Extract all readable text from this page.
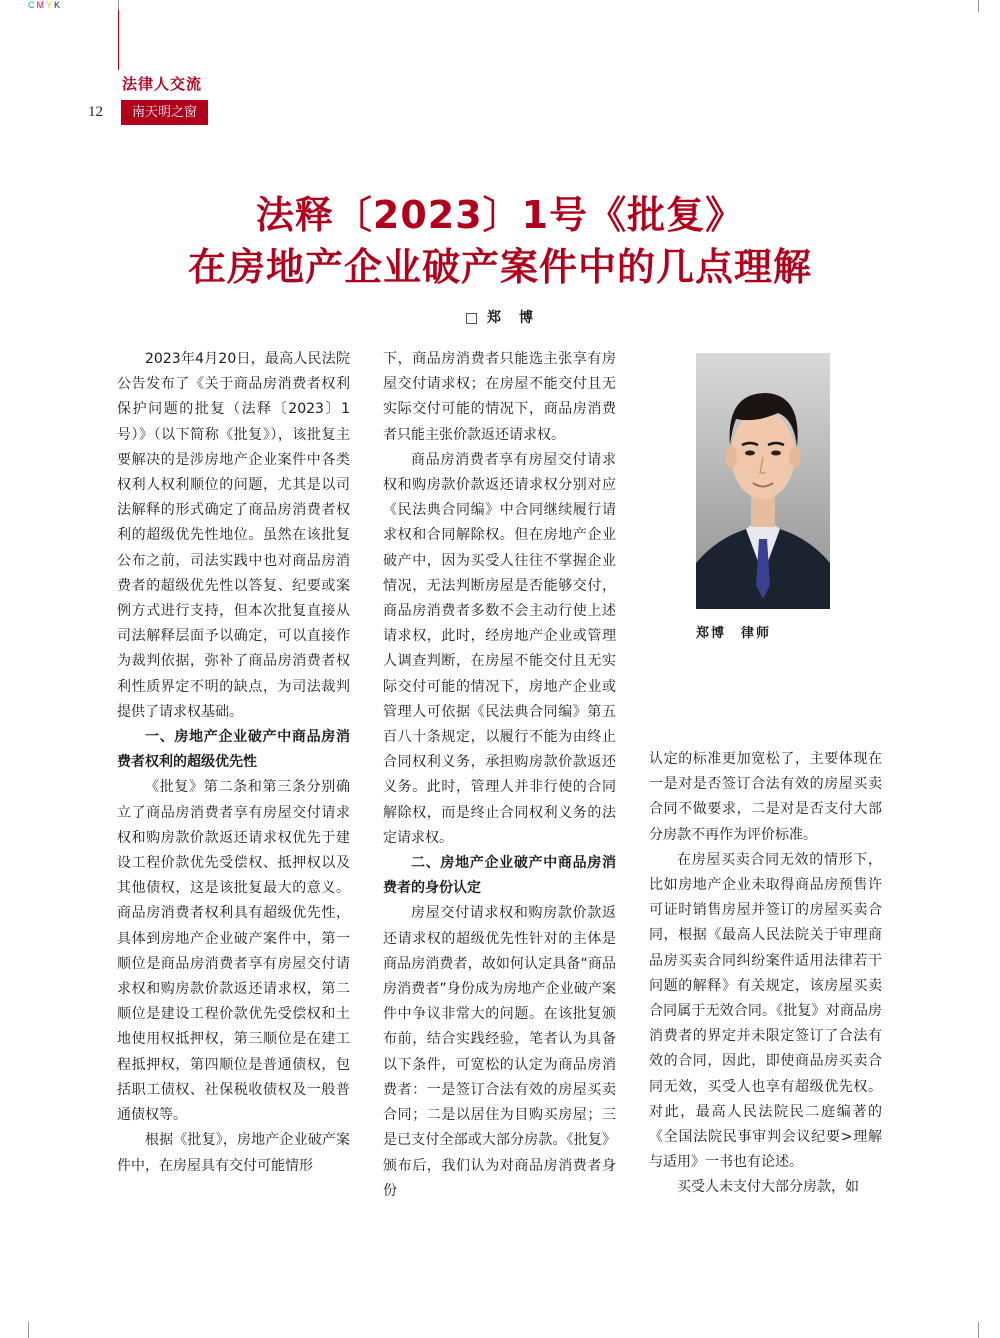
CMYK
法律人交流
12	南天明之窗
法释〔2023〕1号《批复》
在房地产企业破产案件中的几点理解
□ 郑　博

2023年4月20日，最高人民法院公告发布了《关于商品房消费者权利保护问题的批复（法释〔2023〕1号）》（以下简称《批复》），该批复主要解决的是涉房地产企业案件中各类权利人权利顺位的问题，尤其是以司法解释的形式确定了商品房消费者权利的超级优先性地位。虽然在该批复公布之前，司法实践中也对商品房消费者的超级优先性以答复、纪要或案例方式进行支持，但本次批复直接从司法解释层面予以确定，可以直接作为裁判依据，弥补了商品房消费者权利性质界定不明的缺点，为司法裁判提供了请求权基础。

一、房地产企业破产中商品房消费者权利的超级优先性

《批复》第二条和第三条分别确立了商品房消费者享有房屋交付请求权和购房款价款返还请求权优先于建设工程价款优先受偿权、抵押权以及其他债权，这是该批复最大的意义。商品房消费者权利具有超级优先性，具体到房地产企业破产案件中，第一顺位是商品房消费者享有房屋交付请求权和购房款价款返还请求权，第二顺位是建设工程价款优先受偿权和土地使用权抵押权，第三顺位是在建工程抵押权，第四顺位是普通债权，包括职工债权、社保税收债权及一般普通债权等。

根据《批复》，房地产企业破产案件中，在房屋具有交付可能情形

下，商品房消费者只能选主张享有房屋交付请求权；在房屋不能交付且无实际交付可能的情况下，商品房消费者只能主张价款返还请求权。

商品房消费者享有房屋交付请求权和购房款价款返还请求权分别对应《民法典合同编》中合同继续履行请求权和合同解除权。但在房地产企业破产中，因为买受人往往不掌握企业情况，无法判断房屋是否能够交付，商品房消费者多数不会主动行使上述请求权，此时，经房地产企业或管理人调查判断，在房屋不能交付且无实际交付可能的情况下，房地产企业或管理人可依据《民法典合同编》第五百八十条规定，以履行不能为由终止合同权利义务，承担购房款价款返还义务。此时，管理人并非行使的合同解除权，而是终止合同权利义务的法定请求权。

二、房地产企业破产中商品房消费者的身份认定

房屋交付请求权和购房款价款返还请求权的超级优先性针对的主体是商品房消费者，故如何认定具备“商品房消费者”身份成为房地产企业破产案件中争议非常大的问题。在该批复颁布前，结合实践经验，笔者认为具备以下条件，可宽松的认定为商品房消费者：一是签订合法有效的房屋买卖合同；二是以居住为目购买房屋；三是已支付全部或大部分房款。《批复》颁布后，我们认为对商品房消费者身份

郑博　律师

认定的标准更加宽松了，主要体现在一是对是否签订合法有效的房屋买卖合同不做要求，二是对是否支付大部分房款不再作为评价标准。

在房屋买卖合同无效的情形下，比如房地产企业未取得商品房预售许可证时销售房屋并签订的房屋买卖合同，根据《最高人民法院关于审理商品房买卖合同纠纷案件适用法律若干问题的解释》有关规定，该房屋买卖合同属于无效合同。《批复》对商品房消费者的界定并未限定签订了合法有效的合同，因此，即使商品房买卖合同无效，买受人也享有超级优先权。对此，最高人民法院民二庭编著的《全国法院民事审判会议纪要>理解与适用》一书也有论述。

买受人未支付大部分房款，如
